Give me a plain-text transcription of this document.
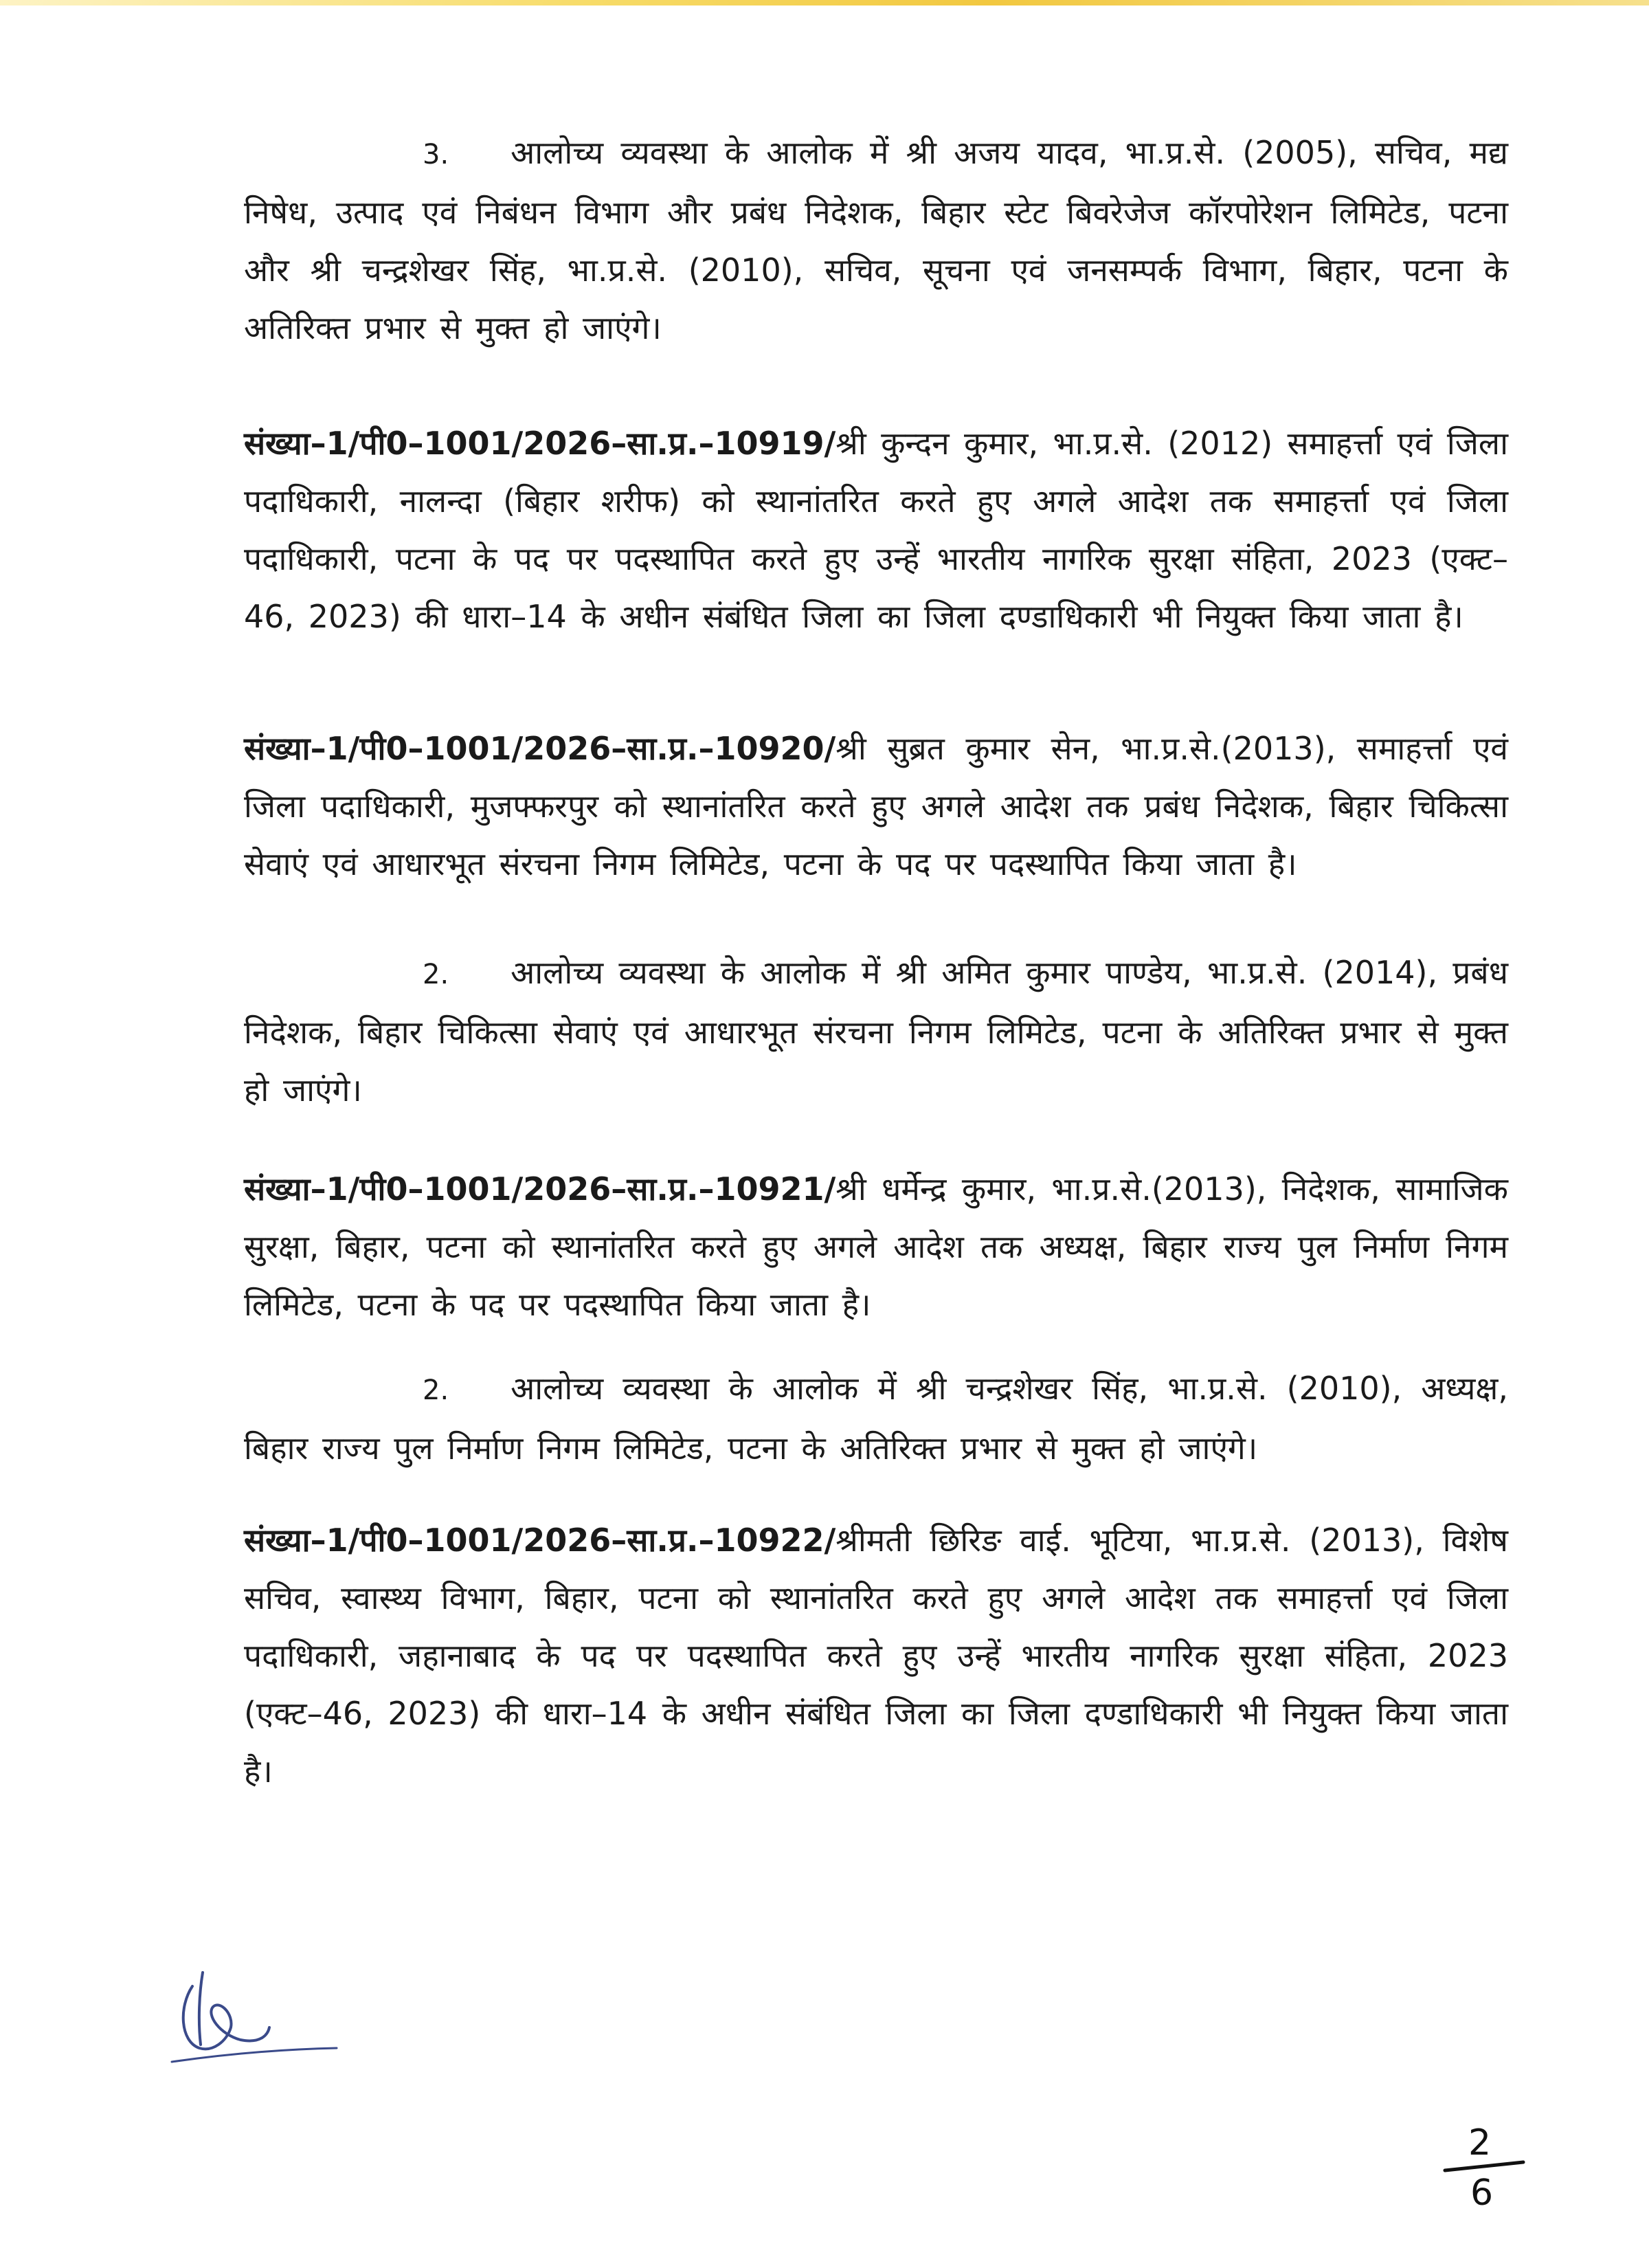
3. आलोच्य व्यवस्था के आलोक में श्री अजय यादव, भा.प्र.से. (2005), सचिव, मद्य निषेध, उत्पाद एवं निबंधन विभाग और प्रबंध निदेशक, बिहार स्टेट बिवरेजेज कॉरपोरेशन लिमिटेड, पटना और श्री चन्द्रशेखर सिंह, भा.प्र.से. (2010), सचिव, सूचना एवं जनसम्पर्क विभाग, बिहार, पटना के अतिरिक्त प्रभार से मुक्त हो जाएंगे।

संख्या–1/पी0–1001/2026–सा.प्र.–10919/श्री कुन्दन कुमार, भा.प्र.से. (2012) समाहर्त्ता एवं जिला पदाधिकारी, नालन्दा (बिहार शरीफ) को स्थानांतरित करते हुए अगले आदेश तक समाहर्त्ता एवं जिला पदाधिकारी, पटना के पद पर पदस्थापित करते हुए उन्हें भारतीय नागरिक सुरक्षा संहिता, 2023 (एक्ट–46, 2023) की धारा–14 के अधीन संबंधित जिला का जिला दण्डाधिकारी भी नियुक्त किया जाता है।

संख्या–1/पी0–1001/2026–सा.प्र.–10920/श्री सुब्रत कुमार सेन, भा.प्र.से.(2013), समाहर्त्ता एवं जिला पदाधिकारी, मुजफ्फरपुर को स्थानांतरित करते हुए अगले आदेश तक प्रबंध निदेशक, बिहार चिकित्सा सेवाएं एवं आधारभूत संरचना निगम लिमिटेड, पटना के पद पर पदस्थापित किया जाता है।

2. आलोच्य व्यवस्था के आलोक में श्री अमित कुमार पाण्डेय, भा.प्र.से. (2014), प्रबंध निदेशक, बिहार चिकित्सा सेवाएं एवं आधारभूत संरचना निगम लिमिटेड, पटना के अतिरिक्त प्रभार से मुक्त हो जाएंगे।

संख्या–1/पी0–1001/2026–सा.प्र.–10921/श्री धर्मेन्द्र कुमार, भा.प्र.से.(2013), निदेशक, सामाजिक सुरक्षा, बिहार, पटना को स्थानांतरित करते हुए अगले आदेश तक अध्यक्ष, बिहार राज्य पुल निर्माण निगम लिमिटेड, पटना के पद पर पदस्थापित किया जाता है।

2. आलोच्य व्यवस्था के आलोक में श्री चन्द्रशेखर सिंह, भा.प्र.से. (2010), अध्यक्ष, बिहार राज्य पुल निर्माण निगम लिमिटेड, पटना के अतिरिक्त प्रभार से मुक्त हो जाएंगे।

संख्या–1/पी0–1001/2026–सा.प्र.–10922/श्रीमती छिरिङ वाई. भूटिया, भा.प्र.से. (2013), विशेष सचिव, स्वास्थ्य विभाग, बिहार, पटना को स्थानांतरित करते हुए अगले आदेश तक समाहर्त्ता एवं जिला पदाधिकारी, जहानाबाद के पद पर पदस्थापित करते हुए उन्हें भारतीय नागरिक सुरक्षा संहिता, 2023 (एक्ट–46, 2023) की धारा–14 के अधीन संबंधित जिला का जिला दण्डाधिकारी भी नियुक्त किया जाता है।

2
6
